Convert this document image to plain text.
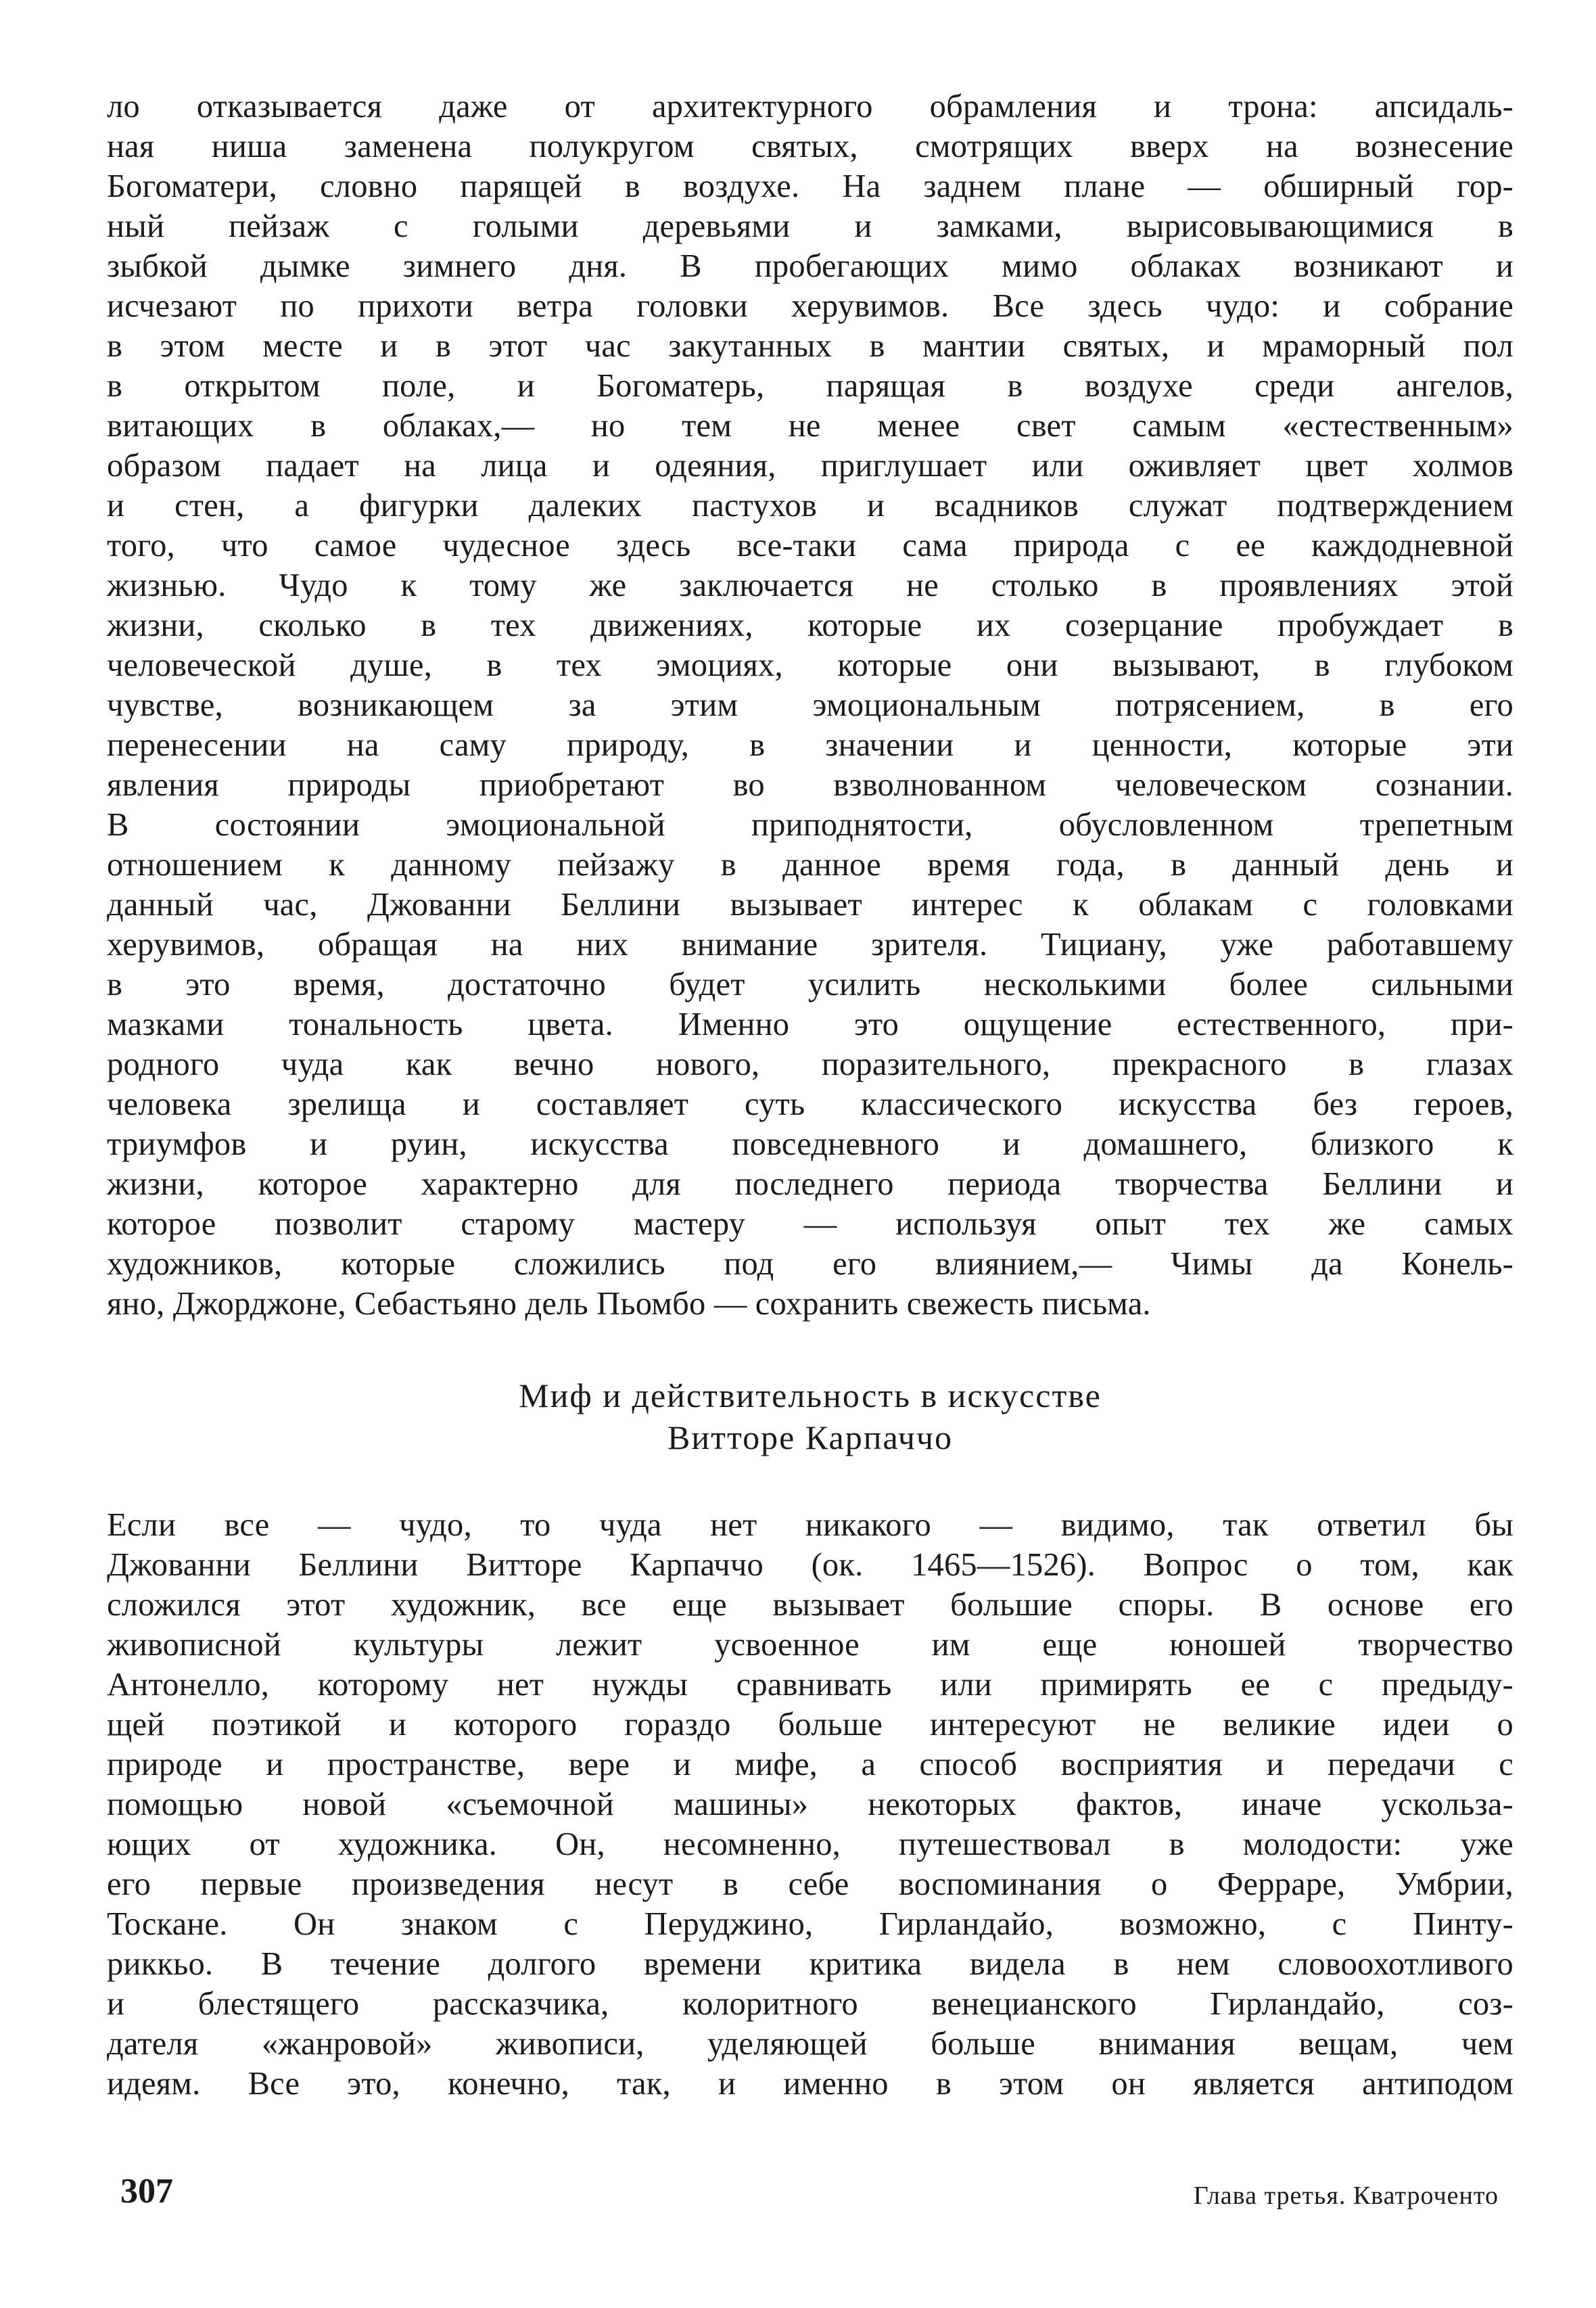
ло отказывается даже от архитектурного обрамления и трона: апсидаль-
ная ниша заменена полукругом святых, смотрящих вверх на вознесение
Богоматери, словно парящей в воздухе. На заднем плане — обширный гор-
ный пейзаж с голыми деревьями и замками, вырисовывающимися в
зыбкой дымке зимнего дня. В пробегающих мимо облаках возникают и
исчезают по прихоти ветра головки херувимов. Все здесь чудо: и собрание
в этом месте и в этот час закутанных в мантии святых, и мраморный пол
в открытом поле, и Богоматерь, парящая в воздухе среди ангелов,
витающих в облаках,— но тем не менее свет самым «естественным»
образом падает на лица и одеяния, приглушает или оживляет цвет холмов
и стен, а фигурки далеких пастухов и всадников служат подтверждением
того, что самое чудесное здесь все-таки сама природа с ее каждодневной
жизнью. Чудо к тому же заключается не столько в проявлениях этой
жизни, сколько в тех движениях, которые их созерцание пробуждает в
человеческой душе, в тех эмоциях, которые они вызывают, в глубоком
чувстве, возникающем за этим эмоциональным потрясением, в его
перенесении на саму природу, в значении и ценности, которые эти
явления природы приобретают во взволнованном человеческом сознании.
В состоянии эмоциональной приподнятости, обусловленном трепетным
отношением к данному пейзажу в данное время года, в данный день и
данный час, Джованни Беллини вызывает интерес к облакам с головками
херувимов, обращая на них внимание зрителя. Тициану, уже работавшему
в это время, достаточно будет усилить несколькими более сильными
мазками тональность цвета. Именно это ощущение естественного, при-
родного чуда как вечно нового, поразительного, прекрасного в глазах
человека зрелища и составляет суть классического искусства без героев,
триумфов и руин, искусства повседневного и домашнего, близкого к
жизни, которое характерно для последнего периода творчества Беллини и
которое позволит старому мастеру — используя опыт тех же самых
художников, которые сложились под его влиянием,— Чимы да Конель-
яно, Джорджоне, Себастьяно дель Пьомбо — сохранить свежесть письма.
Миф и действительность в искусстве
Витторе Карпаччо
Если все — чудо, то чуда нет никакого — видимо, так ответил бы
Джованни Беллини Витторе Карпаччо (ок. 1465—1526). Вопрос о том, как
сложился этот художник, все еще вызывает большие споры. В основе его
живописной культуры лежит усвоенное им еще юношей творчество
Антонелло, которому нет нужды сравнивать или примирять ее с предыду-
щей поэтикой и которого гораздо больше интересуют не великие идеи о
природе и пространстве, вере и мифе, а способ восприятия и передачи с
помощью новой «съемочной машины» некоторых фактов, иначе ускольза-
ющих от художника. Он, несомненно, путешествовал в молодости: уже
его первые произведения несут в себе воспоминания о Ферраре, Умбрии,
Тоскане. Он знаком с Перуджино, Гирландайо, возможно, с Пинту-
риккьо. В течение долгого времени критика видела в нем словоохотливого
и блестящего рассказчика, колоритного венецианского Гирландайо, соз-
дателя «жанровой» живописи, уделяющей больше внимания вещам, чем
идеям. Все это, конечно, так, и именно в этом он является антиподом
307	Глава третья. Кватроченто
